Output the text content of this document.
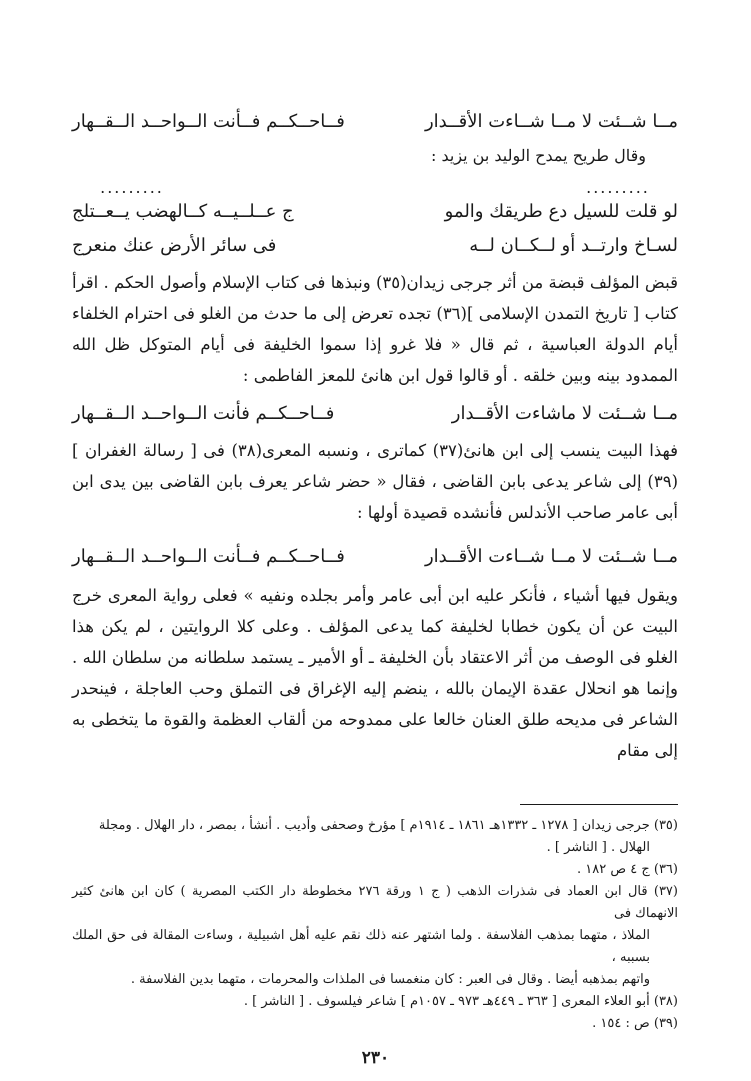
مــا شــئت لا مــا شــاءت الأقــدار
فــاحــكــم فــأنت الــواحــد الــقــهار
وقال طريح يمدح الوليد بن يزيد :
.........
.........
لو قلت للسيل دع طريقك والمو
ج عــلــيــه كــالهضب يــعــتلج
لسـاخ وارتــد أو لــكــان لــه
فى سائر الأرض عنك منعرج

قبض المؤلف قبضة من أثر جرجى زيدان(٣٥) ونبذها فى كتاب الإسلام وأصول الحكم . اقرأ كتاب [ تاريخ التمدن الإسلامى ](٣٦) تجده تعرض إلى ما حدث من الغلو فى احترام الخلفاء أيام الدولة العباسية ، ثم قال « فلا غرو إذا سموا الخليفة فى أيام المتوكل ظل الله الممدود بينه وبين خلقه . أو قالوا قول ابن هانئ للمعز الفاطمى :

مــا شــئت لا ماشاءت الأقــدار
فــاحــكــم فأنت الــواحــد الــقــهار

فهذا البيت ينسب إلى ابن هانئ(٣٧) كماترى ، ونسبه المعرى(٣٨) فى [ رسالة الغفران ](٣٩) إلى شاعر يدعى بابن القاضى ، فقال « حضر شاعر يعرف بابن القاضى بين يدى ابن أبى عامر صاحب الأندلس فأنشده قصيدة أولها :

مــا شــئت لا مــا شــاءت الأقــدار
فــاحــكــم فــأنت الــواحــد الــقــهار

ويقول فيها أشياء ، فأنكر عليه ابن أبى عامر وأمر بجلده ونفيه » فعلى رواية المعرى خرج البيت عن أن يكون خطابا لخليفة كما يدعى المؤلف . وعلى كلا الروايتين ، لم يكن هذا الغلو فى الوصف من أثر الاعتقاد بأن الخليفة ـ أو الأمير ـ يستمد سلطانه من سلطان الله . وإنما هو انحلال عقدة الإيمان بالله ، ينضم إليه الإغراق فى التملق وحب العاجلة ، فينحدر الشاعر فى مديحه طلق العنان خالعا على ممدوحه من ألقاب العظمة والقوة ما يتخطى به إلى مقام

(٣٥) جرجى زيدان [ ١٢٧٨ ـ ١٣٣٢هـ ١٨٦١ ـ ١٩١٤م ] مؤرخ وصحفى وأديب . أنشأ ، بمصر ، دار الهلال . ومجلة
الهلال . [ الناشر ] .
(٣٦) ج ٤ ص ١٨٢ .
(٣٧) قال ابن العماد فى شذرات الذهب ( ج ١ ورقة ٢٧٦ مخطوطة دار الكتب المصرية ) كان ابن هانئ كثير الانهماك فى
الملاذ ، متهما بمذهب الفلاسفة . ولما اشتهر عنه ذلك نقم عليه أهل اشبيلية ، وساءت المقالة فى حق الملك بسببه ،
واتهم بمذهبه أيضا . وقال فى العبر : كان منغمسا فى الملذات والمحرمات ، متهما بدين الفلاسفة .
(٣٨) أبو العلاء المعرى [ ٣٦٣ ـ ٤٤٩هـ ٩٧٣ ـ ١٠٥٧م ] شاعر فيلسوف . [ الناشر ] .
(٣٩) ص : ١٥٤ .
٢٣٠
